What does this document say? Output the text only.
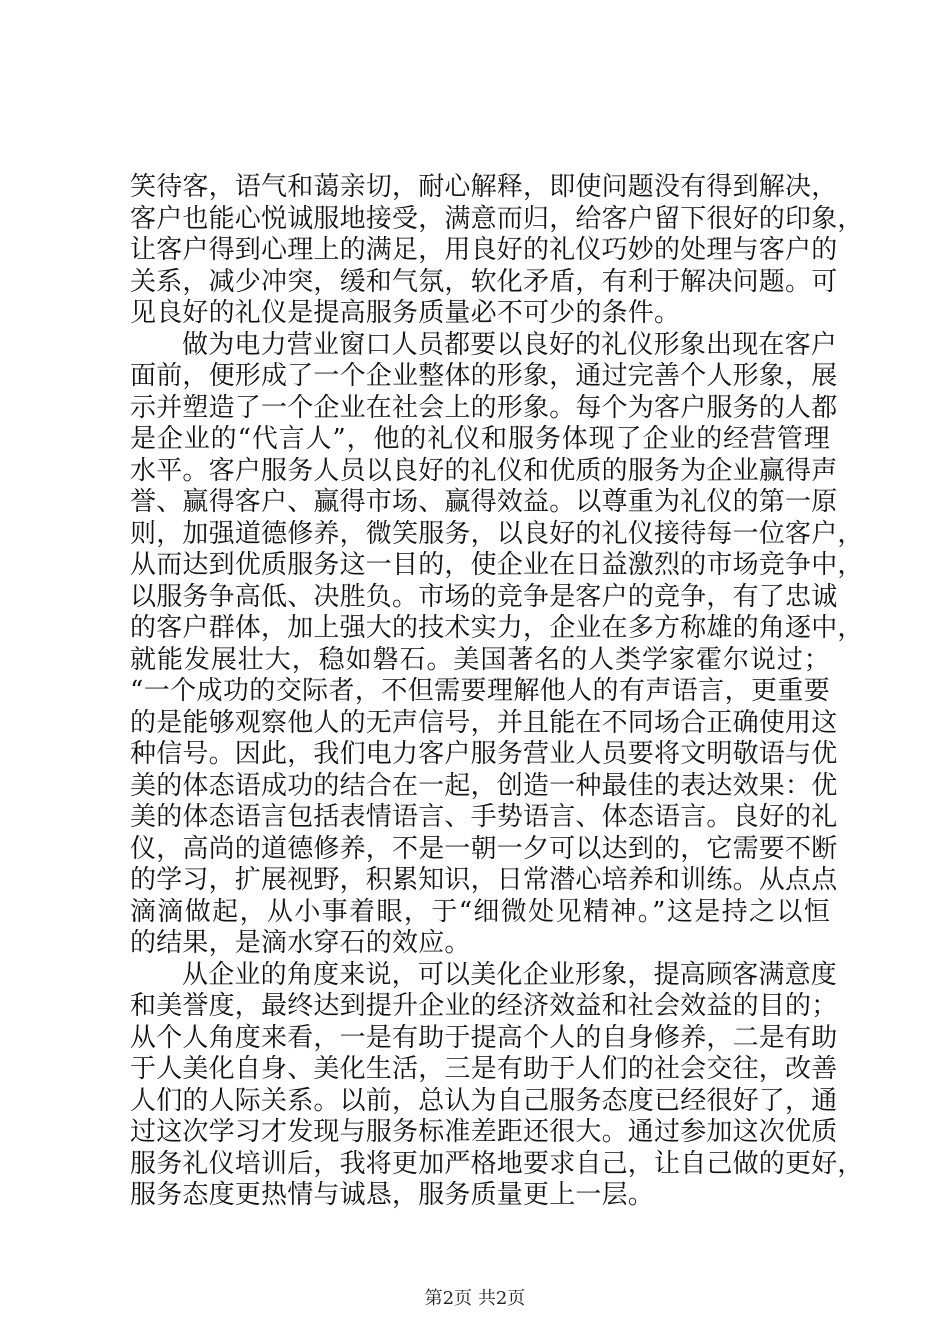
笑待客，语气和蔼亲切，耐心解释，即使问题没有得到解决，
客户也能心悦诚服地接受，满意而归，给客户留下很好的印象，
让客户得到心理上的满足，用良好的礼仪巧妙的处理与客户的
关系，减少冲突，缓和气氛，软化矛盾，有利于解决问题。可
见良好的礼仪是提高服务质量必不可少的条件。
做为电力营业窗口人员都要以良好的礼仪形象出现在客户
面前，便形成了一个企业整体的形象，通过完善个人形象，展
示并塑造了一个企业在社会上的形象。每个为客户服务的人都
是企业的“代言人”，他的礼仪和服务体现了企业的经营管理
水平。客户服务人员以良好的礼仪和优质的服务为企业赢得声
誉、赢得客户、赢得市场、赢得效益。以尊重为礼仪的第一原
则，加强道德修养，微笑服务，以良好的礼仪接待每一位客户，
从而达到优质服务这一目的，使企业在日益激烈的市场竞争中，
以服务争高低、决胜负。市场的竞争是客户的竞争，有了忠诚
的客户群体，加上强大的技术实力，企业在多方称雄的角逐中，
就能发展壮大，稳如磐石。美国著名的人类学家霍尔说过；
“一个成功的交际者，不但需要理解他人的有声语言，更重要
的是能够观察他人的无声信号，并且能在不同场合正确使用这
种信号。因此，我们电力客户服务营业人员要将文明敬语与优
美的体态语成功的结合在一起，创造一种最佳的表达效果：优
美的体态语言包括表情语言、手势语言、体态语言。良好的礼
仪，高尚的道德修养，不是一朝一夕可以达到的，它需要不断
的学习，扩展视野，积累知识，日常潜心培养和训练。从点点
滴滴做起，从小事着眼，于“细微处见精神。”这是持之以恒
的结果，是滴水穿石的效应。
从企业的角度来说，可以美化企业形象，提高顾客满意度
和美誉度，最终达到提升企业的经济效益和社会效益的目的；
从个人角度来看，一是有助于提高个人的自身修养，二是有助
于人美化自身、美化生活，三是有助于人们的社会交往，改善
人们的人际关系。以前，总认为自己服务态度已经很好了，通
过这次学习才发现与服务标准差距还很大。通过参加这次优质
服务礼仪培训后，我将更加严格地要求自己，让自己做的更好，
服务态度更热情与诚恳，服务质量更上一层。
第2页 共2页
